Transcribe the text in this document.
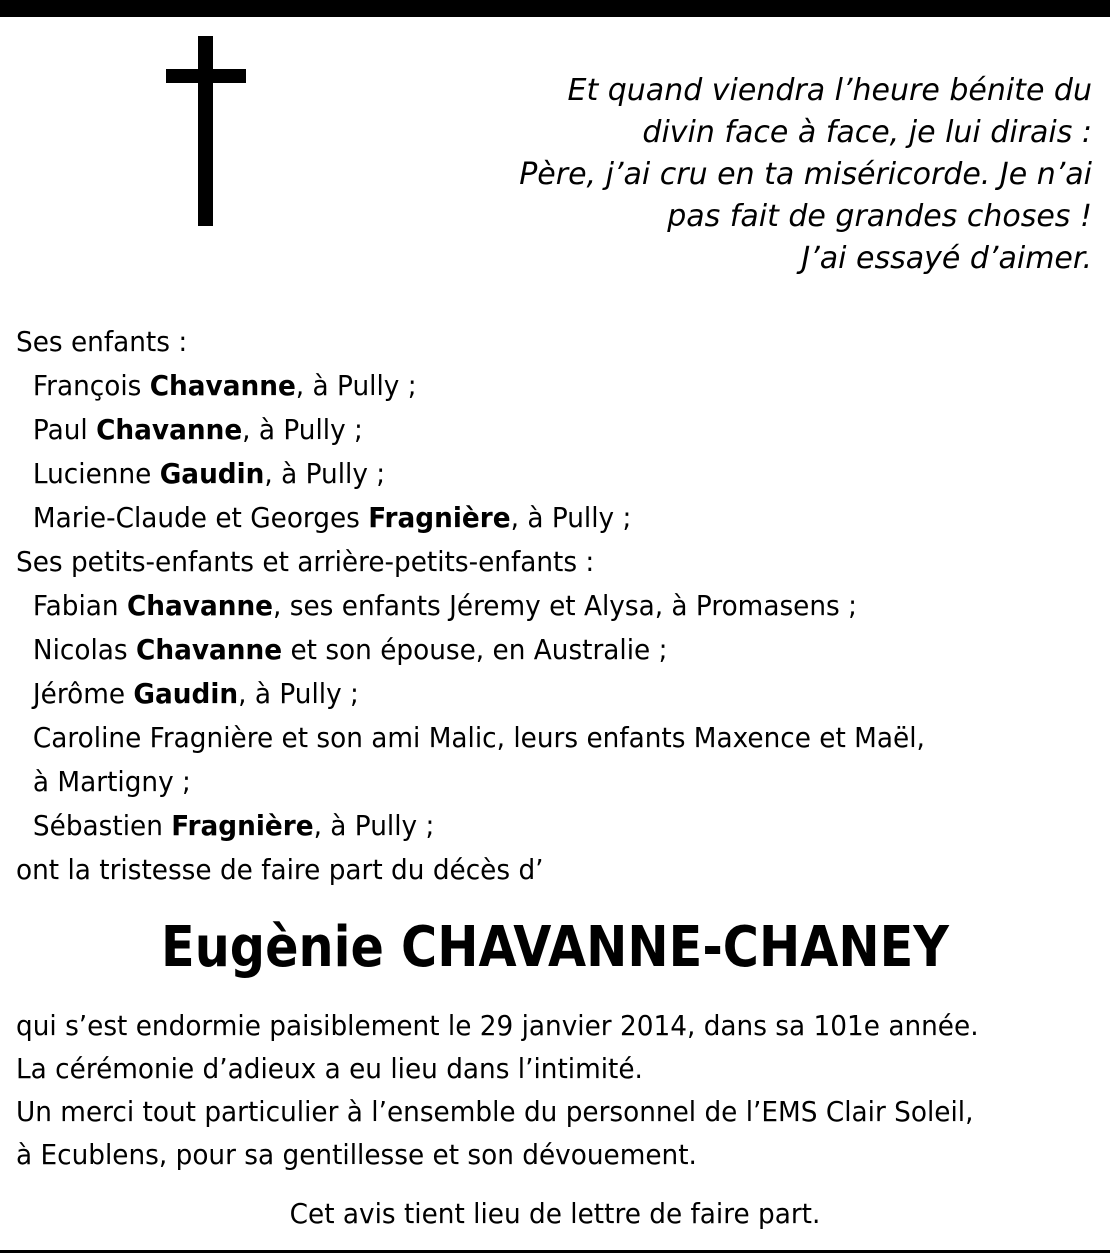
Et quand viendra l’heure bénite du
divin face à face, je lui dirais :
Père, j’ai cru en ta miséricorde. Je n’ai
pas fait de grandes choses !
J’ai essayé d’aimer.
Ses enfants :
François Chavanne, à Pully ;
Paul Chavanne, à Pully ;
Lucienne Gaudin, à Pully ;
Marie-Claude et Georges Fragnière, à Pully ;
Ses petits-enfants et arrière-petits-enfants :
Fabian Chavanne, ses enfants Jéremy et Alysa, à Promasens ;
Nicolas Chavanne et son épouse, en Australie ;
Jérôme Gaudin, à Pully ;
Caroline Fragnière et son ami Malic, leurs enfants Maxence et Maël,
à Martigny ;
Sébastien Fragnière, à Pully ;
ont la tristesse de faire part du décès d’
Eugènie CHAVANNE-CHANEY
qui s’est endormie paisiblement le 29 janvier 2014, dans sa 101e année.
La cérémonie d’adieux a eu lieu dans l’intimité.
Un merci tout particulier à l’ensemble du personnel de l’EMS Clair Soleil,
à Ecublens, pour sa gentillesse et son dévouement.
Cet avis tient lieu de lettre de faire part.
